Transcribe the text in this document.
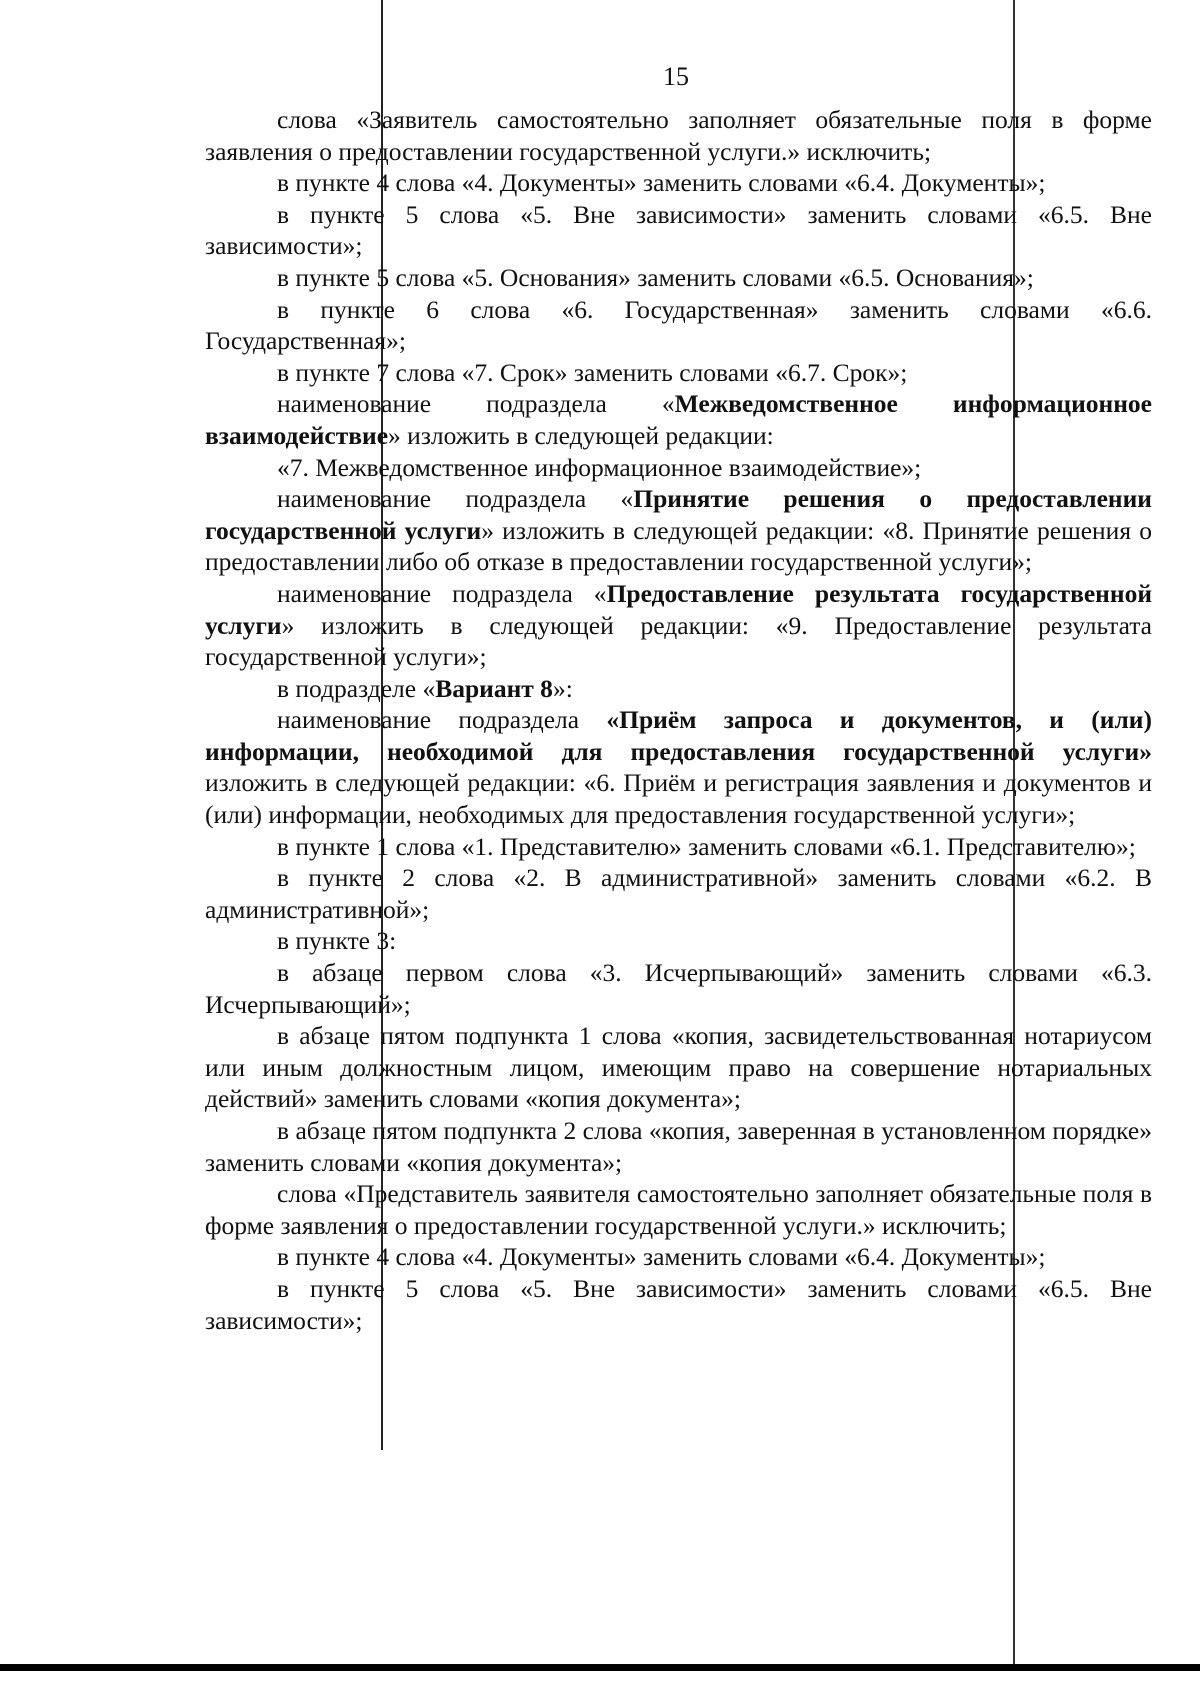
15

слова «Заявитель самостоятельно заполняет обязательные поля в форме заявления о предоставлении государственной услуги.» исключить;

в пункте 4 слова «4. Документы» заменить словами «6.4. Документы»;

в пункте 5 слова «5. Вне зависимости» заменить словами «6.5. Вне зависимости»;

в пункте 5 слова «5. Основания» заменить словами «6.5. Основания»;

в пункте 6 слова «6. Государственная» заменить словами «6.6. Государственная»;

в пункте 7 слова «7. Срок» заменить словами «6.7. Срок»;

наименование подраздела «Межведомственное информационное взаимодействие» изложить в следующей редакции:

«7. Межведомственное информационное взаимодействие»;

наименование подраздела «Принятие решения о предоставлении государственной услуги» изложить в следующей редакции: «8. Принятие решения о предоставлении либо об отказе в предоставлении государственной услуги»;

наименование подраздела «Предоставление результата государственной услуги» изложить в следующей редакции: «9. Предоставление результата государственной услуги»;

в подразделе «Вариант 8»:

наименование подраздела «Приём запроса и документов, и (или) информации, необходимой для предоставления государственной услуги» изложить в следующей редакции: «6. Приём и регистрация заявления и документов и (или) информации, необходимых для предоставления государственной услуги»;

в пункте 1 слова «1. Представителю» заменить словами «6.1. Представителю»;

в пункте 2 слова «2. В административной» заменить словами «6.2. В административной»;

в пункте 3:

в абзаце первом слова «3. Исчерпывающий» заменить словами «6.3. Исчерпывающий»;

в абзаце пятом подпункта 1 слова «копия, засвидетельствованная нотариусом или иным должностным лицом, имеющим право на совершение нотариальных действий» заменить словами «копия документа»;

в абзаце пятом подпункта 2 слова «копия, заверенная в установленном порядке» заменить словами «копия документа»;

слова «Представитель заявителя самостоятельно заполняет обязательные поля в форме заявления о предоставлении государственной услуги.» исключить;

в пункте 4 слова «4. Документы» заменить словами «6.4. Документы»;

в пункте 5 слова «5. Вне зависимости» заменить словами «6.5. Вне зависимости»;
